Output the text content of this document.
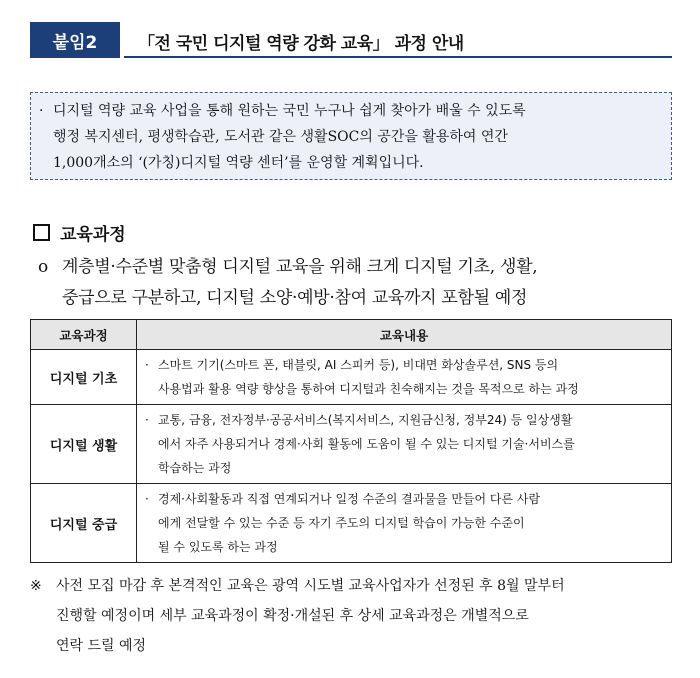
붙임2	「전 국민 디지털 역량 강화 교육」 과정 안내
· 디지털 역량 교육 사업을 통해 원하는 국민 누구나 쉽게 찾아가 배울 수 있도록
행정 복지센터, 평생학습관, 도서관 같은 생활SOC의 공간을 활용하여 연간
1,000개소의 ‘(가칭)디지털 역량 센터’를 운영할 계획입니다.
교육과정
o 계층별·수준별 맞춤형 디지털 교육을 위해 크게 디지털 기초, 생활,
중급으로 구분하고, 디지털 소양·예방·참여 교육까지 포함될 예정
교육과정	교육내용
디지털 기초	· 스마트 기기(스마트 폰, 태블릿, AI 스피커 등), 비대면 화상솔루션, SNS 등의
사용법과 활용 역량 향상을 통하여 디지털과 친숙해지는 것을 목적으로 하는 과정

디지털 생활	· 교통, 금융, 전자정부·공공서비스(복지서비스, 지원금신청, 정부24) 등 일상생활
에서 자주 사용되거나 경제·사회 활동에 도움이 될 수 있는 디지털 기술·서비스를
학습하는 과정

디지털 중급	· 경제·사회활동과 직접 연계되거나 일정 수준의 결과물을 만들어 다른 사람
에게 전달할 수 있는 수준 등 자기 주도의 디지털 학습이 가능한 수준이
될 수 있도록 하는 과정
※ 사전 모집 마감 후 본격적인 교육은 광역 시도별 교육사업자가 선정된 후 8월 말부터
진행할 예정이며 세부 교육과정이 확정·개설된 후 상세 교육과정은 개별적으로
연락 드릴 예정
